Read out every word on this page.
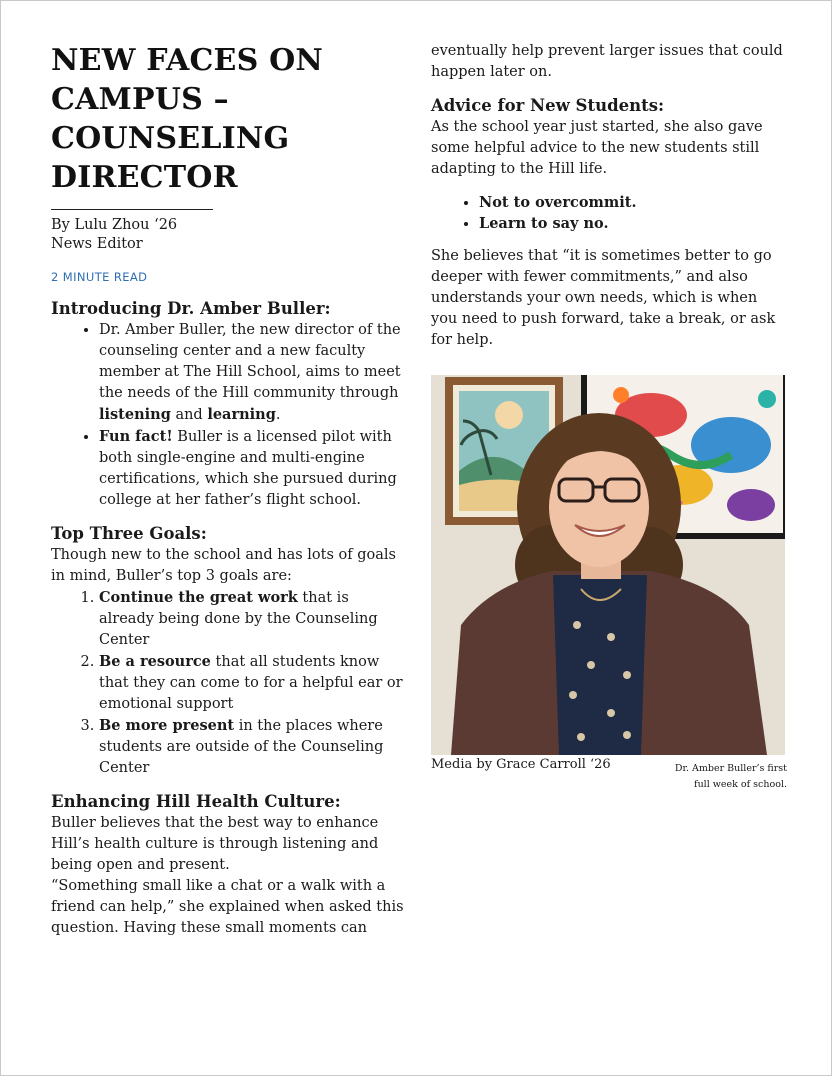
NEW FACES ON CAMPUS – COUNSELING DIRECTOR
By Lulu Zhou ‘26
News Editor
2 MINUTE READ
Introducing Dr. Amber Buller:
• Dr. Amber Buller, the new director of the counseling center and a new faculty member at The Hill School, aims to meet the needs of the Hill community through listening and learning.
• Fun fact! Buller is a licensed pilot with both single-engine and multi-engine certifications, which she pursued during college at her father’s flight school.
Top Three Goals:

Though new to the school and has lots of goals in mind, Buller’s top 3 goals are:

1. Continue the great work that is already being done by the Counseling Center
2. Be a resource that all students know that they can come to for a helpful ear or emotional support
3. Be more present in the places where students are outside of the Counseling Center
Enhancing Hill Health Culture:

Buller believes that the best way to enhance Hill’s health culture is through listening and being open and present.

“Something small like a chat or a walk with a friend can help,” she explained when asked this question. Having these small moments can

eventually help prevent larger issues that could happen later on.

Advice for New Students:

As the school year just started, she also gave some helpful advice to the new students still adapting to the Hill life.

• Not to overcommit.
• Learn to say no.

She believes that “it is sometimes better to go deeper with fewer commitments,” and also understands your own needs, which is when you need to push forward, take a break, or ask for help.

Media by Grace Carroll ‘26	Dr. Amber Buller’s first full week of school.
